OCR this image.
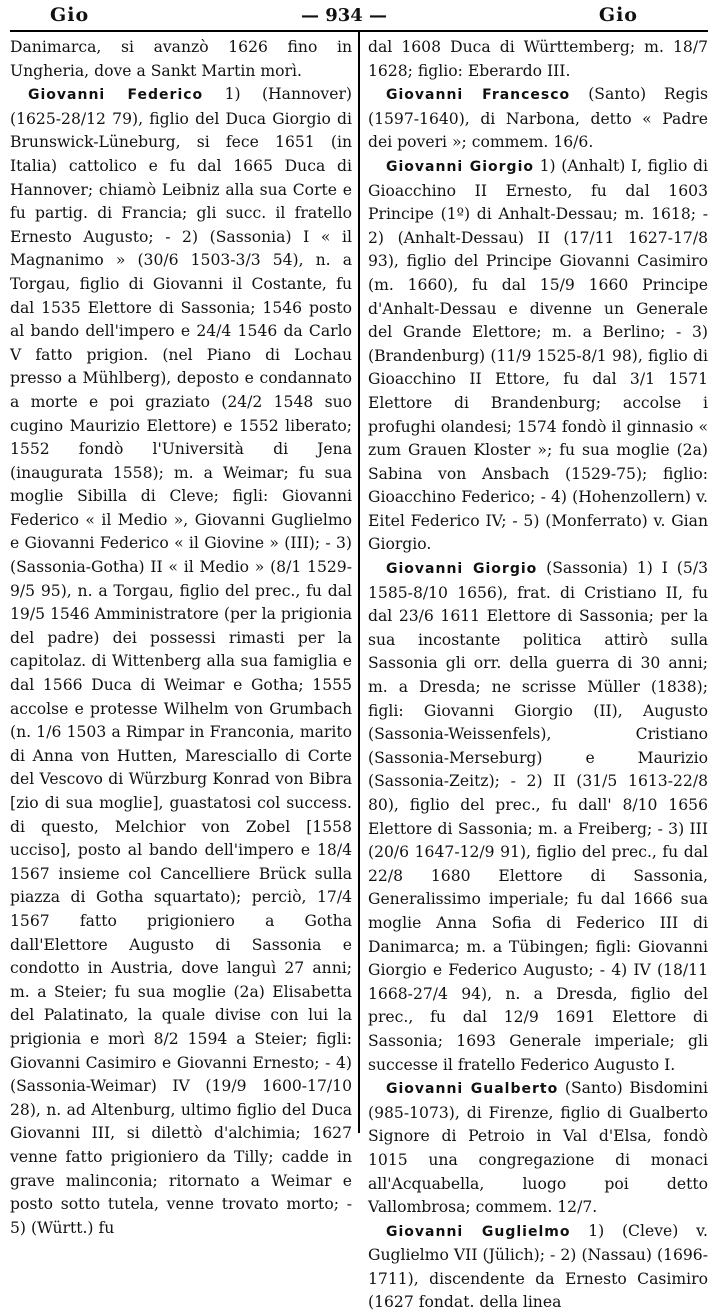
Gio	— 934 —	Gio

Danimarca, si avanzò 1626 fino in Ungheria, dove a Sankt Martin morì.

Giovanni Federico 1) (Hannover) (1625-28/12 79), figlio del Duca Giorgio di Brunswick-Lüneburg, si fece 1651 (in Italia) cattolico e fu dal 1665 Duca di Hannover; chiamò Leibniz alla sua Corte e fu partig. di Francia; gli succ. il fratello Ernesto Augusto; - 2) (Sassonia) I « il Magnanimo » (30/6 1503-3/3 54), n. a Torgau, figlio di Giovanni il Costante, fu dal 1535 Elettore di Sassonia; 1546 posto al bando dell'impero e 24/4 1546 da Carlo V fatto prigion. (nel Piano di Lochau presso a Mühlberg), deposto e condannato a morte e poi graziato (24/2 1548 suo cugino Maurizio Elettore) e 1552 liberato; 1552 fondò l'Università di Jena (inaugurata 1558); m. a Weimar; fu sua moglie Sibilla di Cleve; figli: Giovanni Federico « il Medio », Giovanni Guglielmo e Giovanni Federico « il Giovine » (III); - 3) (Sassonia-Gotha) II « il Medio » (8/1 1529-9/5 95), n. a Torgau, figlio del prec., fu dal 19/5 1546 Amministratore (per la prigionia del padre) dei possessi rimasti per la capitolaz. di Wittenberg alla sua famiglia e dal 1566 Duca di Weimar e Gotha; 1555 accolse e protesse Wilhelm von Grumbach (n. 1/6 1503 a Rimpar in Franconia, marito di Anna von Hutten, Maresciallo di Corte del Vescovo di Würzburg Konrad von Bibra [zio di sua moglie], guastatosi col success. di questo, Melchior von Zobel [1558 ucciso], posto al bando dell'impero e 18/4 1567 insieme col Cancelliere Brück sulla piazza di Gotha squartato); perciò, 17/4 1567 fatto prigioniero a Gotha dall'Elettore Augusto di Sassonia e condotto in Austria, dove languì 27 anni; m. a Steier; fu sua moglie (2a) Elisabetta del Palatinato, la quale divise con lui la prigionia e morì 8/2 1594 a Steier; figli: Giovanni Casimiro e Giovanni Ernesto; - 4) (Sassonia-Weimar) IV (19/9 1600-17/10 28), n. ad Altenburg, ultimo figlio del Duca Giovanni III, si dilettò d'alchimia; 1627 venne fatto prigioniero da Tilly; cadde in grave malinconia; ritornato a Weimar e posto sotto tutela, venne trovato morto; - 5) (Württ.) fu

dal 1608 Duca di Württemberg; m. 18/7 1628; figlio: Eberardo III.

Giovanni Francesco (Santo) Regis (1597-1640), di Narbona, detto « Padre dei poveri »; commem. 16/6.

Giovanni Giorgio 1) (Anhalt) I, figlio di Gioacchino II Ernesto, fu dal 1603 Principe (1º) di Anhalt-Dessau; m. 1618; - 2) (Anhalt-Dessau) II (17/11 1627-17/8 93), figlio del Principe Giovanni Casimiro (m. 1660), fu dal 15/9 1660 Principe d'Anhalt-Dessau e divenne un Generale del Grande Elettore; m. a Berlino; - 3) (Brandenburg) (11/9 1525-8/1 98), figlio di Gioacchino II Ettore, fu dal 3/1 1571 Elettore di Brandenburg; accolse i profughi olandesi; 1574 fondò il ginnasio « zum Grauen Kloster »; fu sua moglie (2a) Sabina von Ansbach (1529-75); figlio: Gioacchino Federico; - 4) (Hohenzollern) v. Eitel Federico IV; - 5) (Monferrato) v. Gian Giorgio.

Giovanni Giorgio (Sassonia) 1) I (5/3 1585-8/10 1656), frat. di Cristiano II, fu dal 23/6 1611 Elettore di Sassonia; per la sua incostante politica attirò sulla Sassonia gli orr. della guerra di 30 anni; m. a Dresda; ne scrisse Müller (1838); figli: Giovanni Giorgio (II), Augusto (Sassonia-Weissenfels), Cristiano (Sassonia-Merseburg) e Maurizio (Sassonia-Zeitz); - 2) II (31/5 1613-22/8 80), figlio del prec., fu dall' 8/10 1656 Elettore di Sassonia; m. a Freiberg; - 3) III (20/6 1647-12/9 91), figlio del prec., fu dal 22/8 1680 Elettore di Sassonia, Generalissimo imperiale; fu dal 1666 sua moglie Anna Sofia di Federico III di Danimarca; m. a Tübingen; figli: Giovanni Giorgio e Federico Augusto; - 4) IV (18/11 1668-27/4 94), n. a Dresda, figlio del prec., fu dal 12/9 1691 Elettore di Sassonia; 1693 Generale imperiale; gli successe il fratello Federico Augusto I.

Giovanni Gualberto (Santo) Bisdomini (985-1073), di Firenze, figlio di Gualberto Signore di Petroio in Val d'Elsa, fondò 1015 una congregazione di monaci all'Acquabella, luogo poi detto Vallombrosa; commem. 12/7.

Giovanni Guglielmo 1) (Cleve) v. Guglielmo VII (Jülich); - 2) (Nassau) (1696-1711), discendente da Ernesto Casimiro (1627 fondat. della linea
